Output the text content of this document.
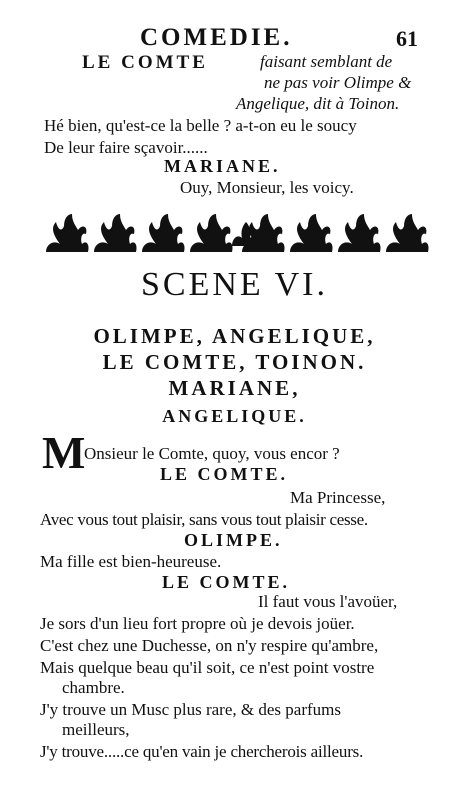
COMEDIE.	61
LE COMTE	faisant semblant de
ne pas voir Olimpe &
Angelique, dit à Toinon.
Hé bien, qu'est-ce la belle ? a-t-on eu le soucy
De leur faire sçavoir......
MARIANE.
Ouy, Monsieur, les voicy.
SCENE VI.
OLIMPE, ANGELIQUE,
LE COMTE, TOINON.
MARIANE,
ANGELIQUE.
M
Onsieur le Comte, quoy, vous encor ?
LE COMTE.
Ma Princesse,
Avec vous tout plaisir, sans vous tout plaisir cesse.
OLIMPE.
Ma fille est bien-heureuse.
LE COMTE.
Il faut vous l'avoüer,
Je sors d'un lieu fort propre où je devois joüer.
C'est chez une Duchesse, on n'y respire qu'ambre,
Mais quelque beau qu'il soit, ce n'est point vostre
chambre.
J'y trouve un Musc plus rare, & des parfums
meilleurs,
J'y trouve.....ce qu'en vain je chercherois ailleurs.
